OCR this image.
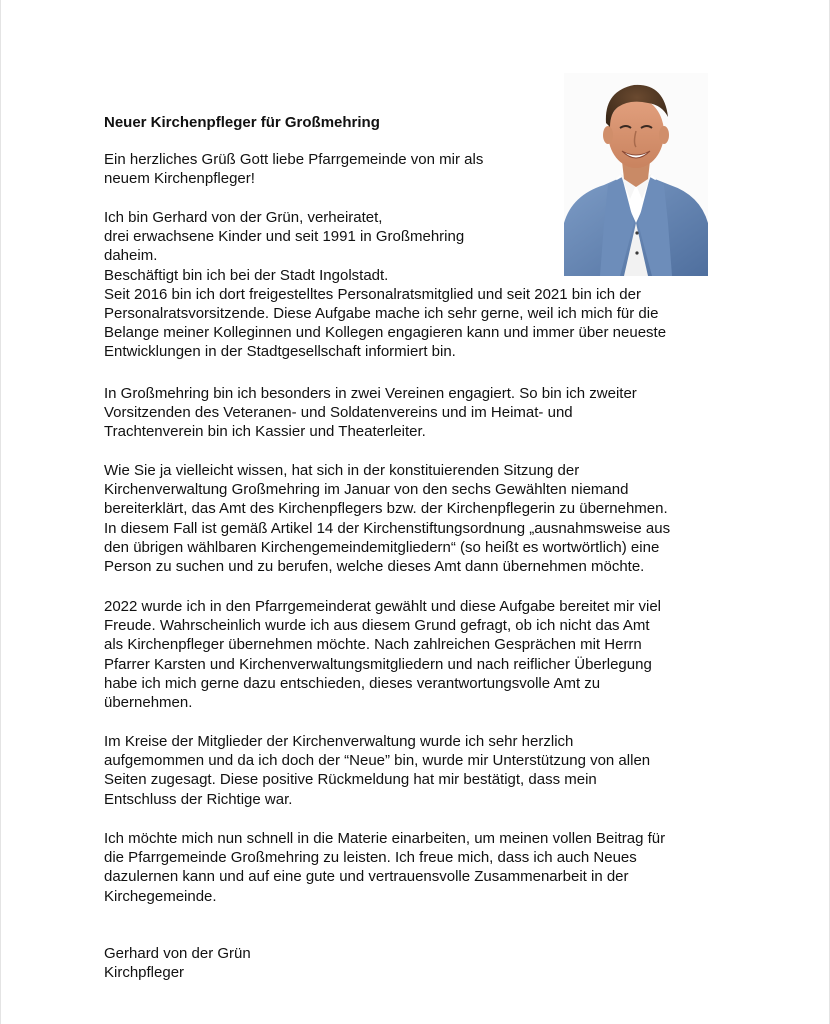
Neuer Kirchenpfleger für Großmehring
Ein herzliches Grüß Gott liebe Pfarrgemeinde von mir als
neuem Kirchenpfleger!
Ich bin Gerhard von der Grün, verheiratet,
drei erwachsene Kinder und seit 1991 in Großmehring
daheim.
Beschäftigt bin ich bei der Stadt Ingolstadt.
Seit 2016 bin ich dort freigestelltes Personalratsmitglied und seit 2021 bin ich der
Personalratsvorsitzende. Diese Aufgabe mache ich sehr gerne, weil ich mich für die
Belange meiner Kolleginnen und Kollegen engagieren kann und immer über neueste
Entwicklungen in der Stadtgesellschaft informiert bin.
In Großmehring bin ich besonders in zwei Vereinen engagiert. So bin ich zweiter
Vorsitzenden des Veteranen- und Soldatenvereins und im Heimat- und
Trachtenverein bin ich Kassier und Theaterleiter.
Wie Sie ja vielleicht wissen, hat sich in der konstituierenden Sitzung der
Kirchenverwaltung Großmehring im Januar von den sechs Gewählten niemand
bereiterklärt, das Amt des Kirchenpflegers bzw. der Kirchenpflegerin zu übernehmen.
In diesem Fall ist gemäß Artikel 14 der Kirchenstiftungsordnung „ausnahmsweise aus
den übrigen wählbaren Kirchengemeindemitgliedern“ (so heißt es wortwörtlich) eine
Person zu suchen und zu berufen, welche dieses Amt dann übernehmen möchte.
2022 wurde ich in den Pfarrgemeinderat gewählt und diese Aufgabe bereitet mir viel
Freude. Wahrscheinlich wurde ich aus diesem Grund gefragt, ob ich nicht das Amt
als Kirchenpfleger übernehmen möchte. Nach zahlreichen Gesprächen mit Herrn
Pfarrer Karsten und Kirchenverwaltungsmitgliedern und nach reiflicher Überlegung
habe ich mich gerne dazu entschieden, dieses verantwortungsvolle Amt zu
übernehmen.
Im Kreise der Mitglieder der Kirchenverwaltung wurde ich sehr herzlich
aufgemommen und da ich doch der “Neue” bin, wurde mir Unterstützung von allen
Seiten zugesagt. Diese positive Rückmeldung hat mir bestätigt, dass mein
Entschluss der Richtige war.
Ich möchte mich nun schnell in die Materie einarbeiten, um meinen vollen Beitrag für
die Pfarrgemeinde Großmehring zu leisten. Ich freue mich, dass ich auch Neues
dazulernen kann und auf eine gute und vertrauensvolle Zusammenarbeit in der
Kirchegemeinde.
Gerhard von der Grün
Kirchpfleger
